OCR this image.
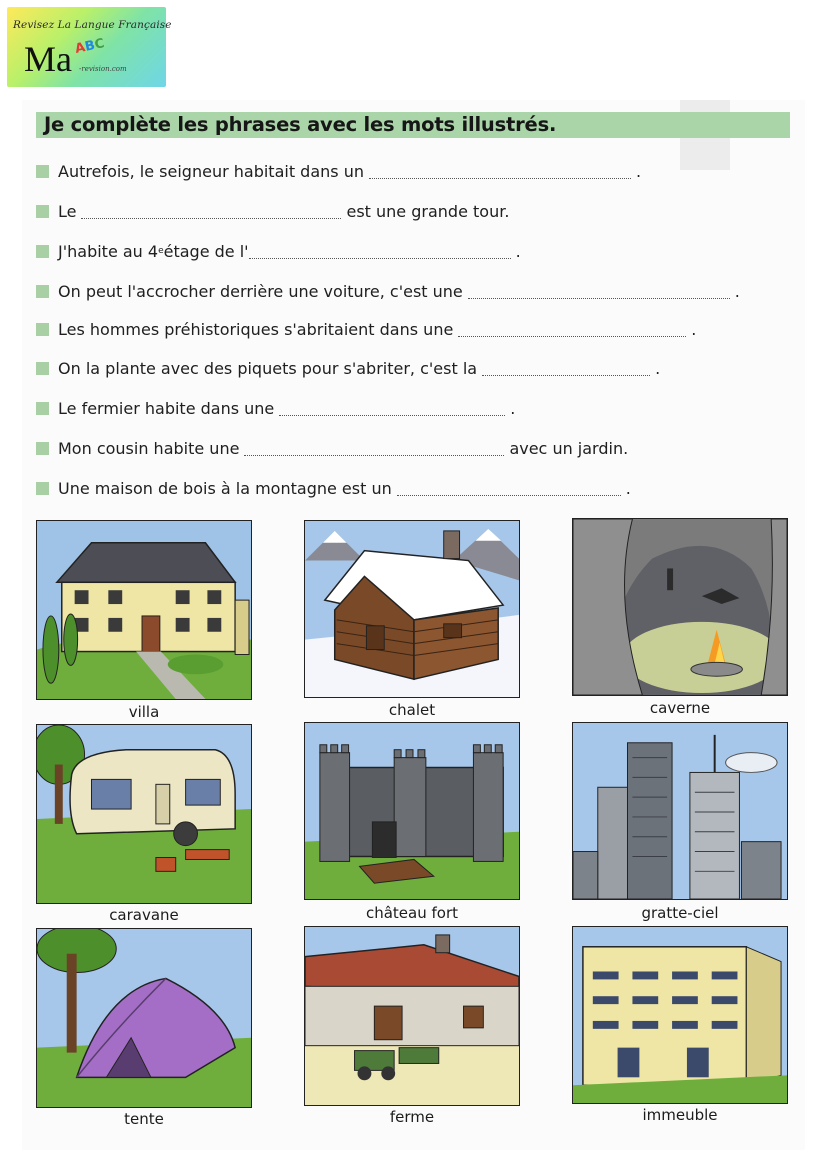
Revisez La Langue Française
Ma ABC
-revision.com
Je complète les phrases avec les mots illustrés.
Autrefois, le seigneur habitait dans un	.
Le	est une grande tour.
J'habite au 4 e étage de l'	.
On peut l'accrocher derrière une voiture, c'est une	.
Les hommes préhistoriques s'abritaient dans une	.
On la plante avec des piquets pour s'abriter, c'est la	.
Le fermier habite dans une	.
Mon cousin habite une	avec un jardin.
Une maison de bois à la montagne est un	.
villa	chalet	caverne
caravane	château fort	gratte-ciel
tente	ferme	immeuble
